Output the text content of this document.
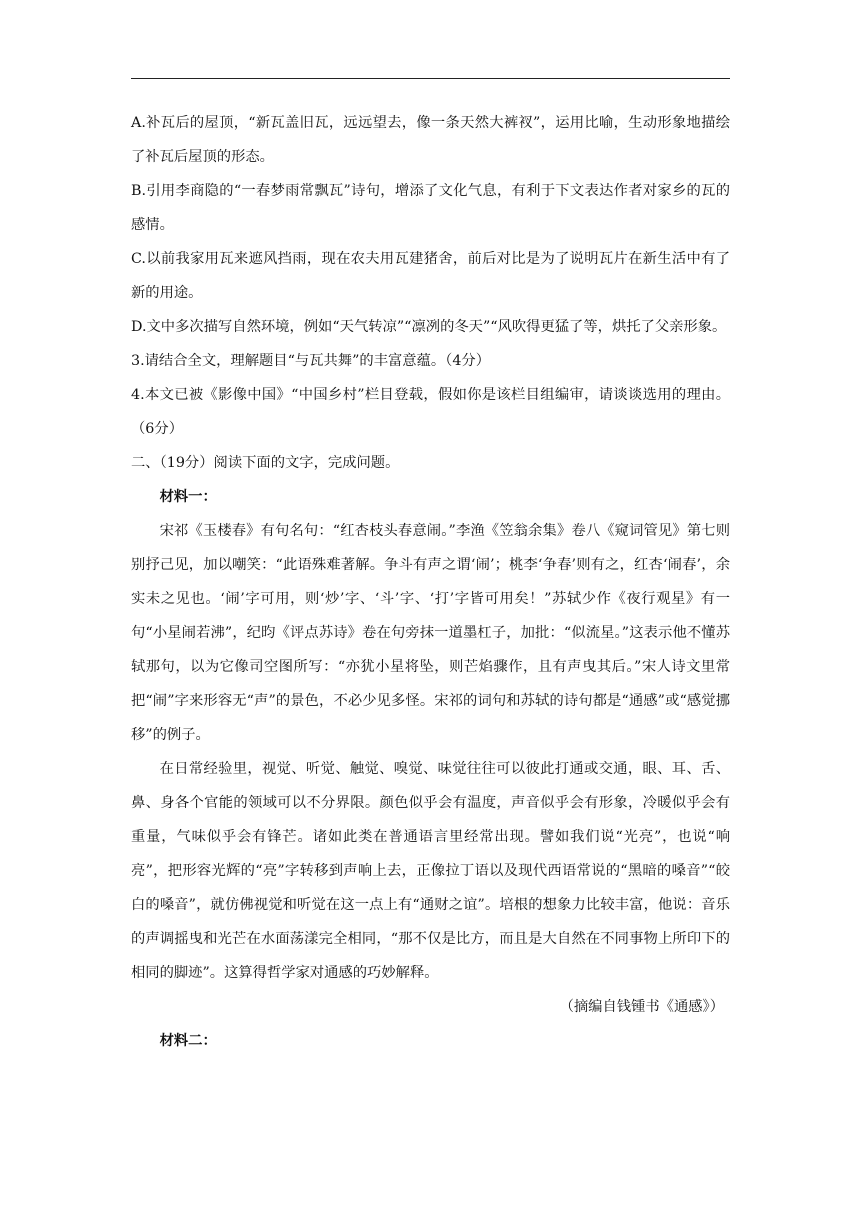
A.补瓦后的屋顶，“新瓦盖旧瓦，远远望去，像一条天然大裤衩”，运用比喻，生动形象地描绘了补瓦后屋顶的形态。

B.引用李商隐的“一春梦雨常飘瓦”诗句，增添了文化气息，有利于下文表达作者对家乡的瓦的感情。

C.以前我家用瓦来遮风挡雨，现在农夫用瓦建猪舍，前后对比是为了说明瓦片在新生活中有了新的用途。

D.文中多次描写自然环境，例如“天气转凉”“凛冽的冬天”“风吹得更猛了等，烘托了父亲形象。

3.请结合全文，理解题目“与瓦共舞”的丰富意蕴。（4分）

4.本文已被《影像中国》“中国乡村”栏目登载，假如你是该栏目组编审，请谈谈选用的理由。（6分）

二、（19分）阅读下面的文字，完成问题。

材料一：

宋祁《玉楼春》有句名句：“红杏枝头春意闹。”李渔《笠翁余集》卷八《窥词管见》第七则别抒己见，加以嘲笑：“此语殊难著解。争斗有声之谓‘闹’；桃李‘争春’则有之，红杏‘闹春’，余实未之见也。‘闹’字可用，则‘炒’字、‘斗’字、‘打’字皆可用矣！”苏轼少作《夜行观星》有一句“小星闹若沸”，纪昀《评点苏诗》卷在句旁抹一道墨杠子，加批：“似流星。”这表示他不懂苏轼那句，以为它像司空图所写：“亦犹小星将坠，则芒焰骤作，且有声曳其后。”宋人诗文里常把“闹”字来形容无“声”的景色，不必少见多怪。宋祁的词句和苏轼的诗句都是“通感”或“感觉挪移”的例子。

在日常经验里，视觉、听觉、触觉、嗅觉、味觉往往可以彼此打通或交通，眼、耳、舌、鼻、身各个官能的领域可以不分界限。颜色似乎会有温度，声音似乎会有形象，冷暖似乎会有重量，气味似乎会有锋芒。诸如此类在普通语言里经常出现。譬如我们说“光亮”，也说“响亮”，把形容光辉的“亮”字转移到声响上去，正像拉丁语以及现代西语常说的“黑暗的嗓音”“皎白的嗓音”，就仿佛视觉和听觉在这一点上有“通财之谊”。培根的想象力比较丰富，他说：音乐的声调摇曳和光芒在水面荡漾完全相同，“那不仅是比方，而且是大自然在不同事物上所印下的相同的脚迹”。这算得哲学家对通感的巧妙解释。

（摘编自钱锺书《通感》）

材料二：
